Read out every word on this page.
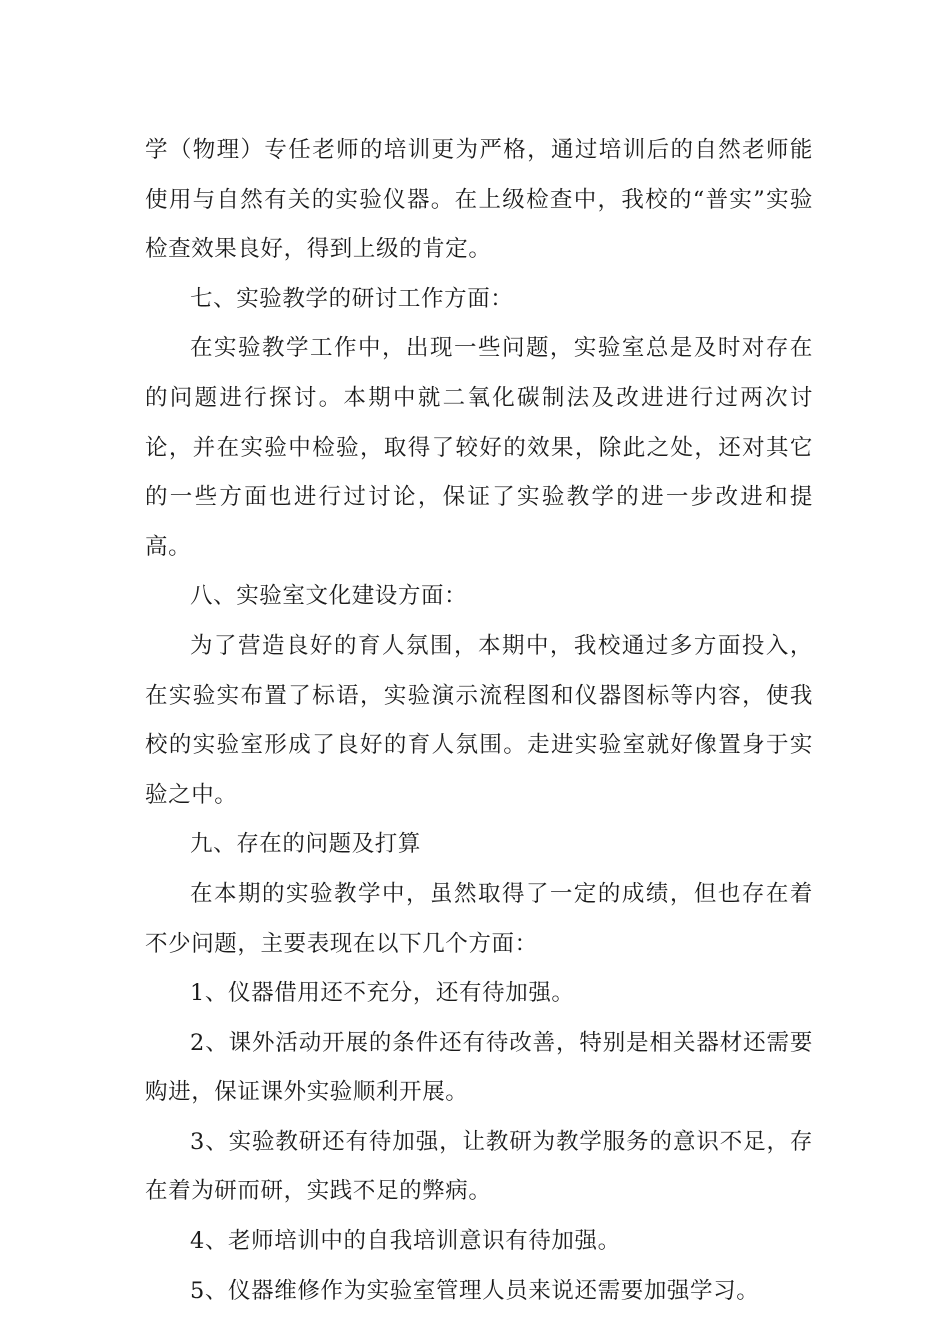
学（物理）专任老师的培训更为严格，通过培训后的自然老师能使用与自然有关的实验仪器。在上级检查中，我校的“普实”实验检查效果良好，得到上级的肯定。

七、实验教学的研讨工作方面：

在实验教学工作中，出现一些问题，实验室总是及时对存在的问题进行探讨。本期中就二氧化碳制法及改进进行过两次讨论，并在实验中检验，取得了较好的效果，除此之处，还对其它的一些方面也进行过讨论，保证了实验教学的进一步改进和提高。

八、实验室文化建设方面：

为了营造良好的育人氛围，本期中，我校通过多方面投入，在实验实布置了标语，实验演示流程图和仪器图标等内容，使我校的实验室形成了良好的育人氛围。走进实验室就好像置身于实验之中。

九、存在的问题及打算

在本期的实验教学中，虽然取得了一定的成绩，但也存在着不少问题，主要表现在以下几个方面：

1、仪器借用还不充分，还有待加强。

2、课外活动开展的条件还有待改善，特别是相关器材还需要购进，保证课外实验顺利开展。

3、实验教研还有待加强，让教研为教学服务的意识不足，存在着为研而研，实践不足的弊病。

4、老师培训中的自我培训意识有待加强。

5、仪器维修作为实验室管理人员来说还需要加强学习。
